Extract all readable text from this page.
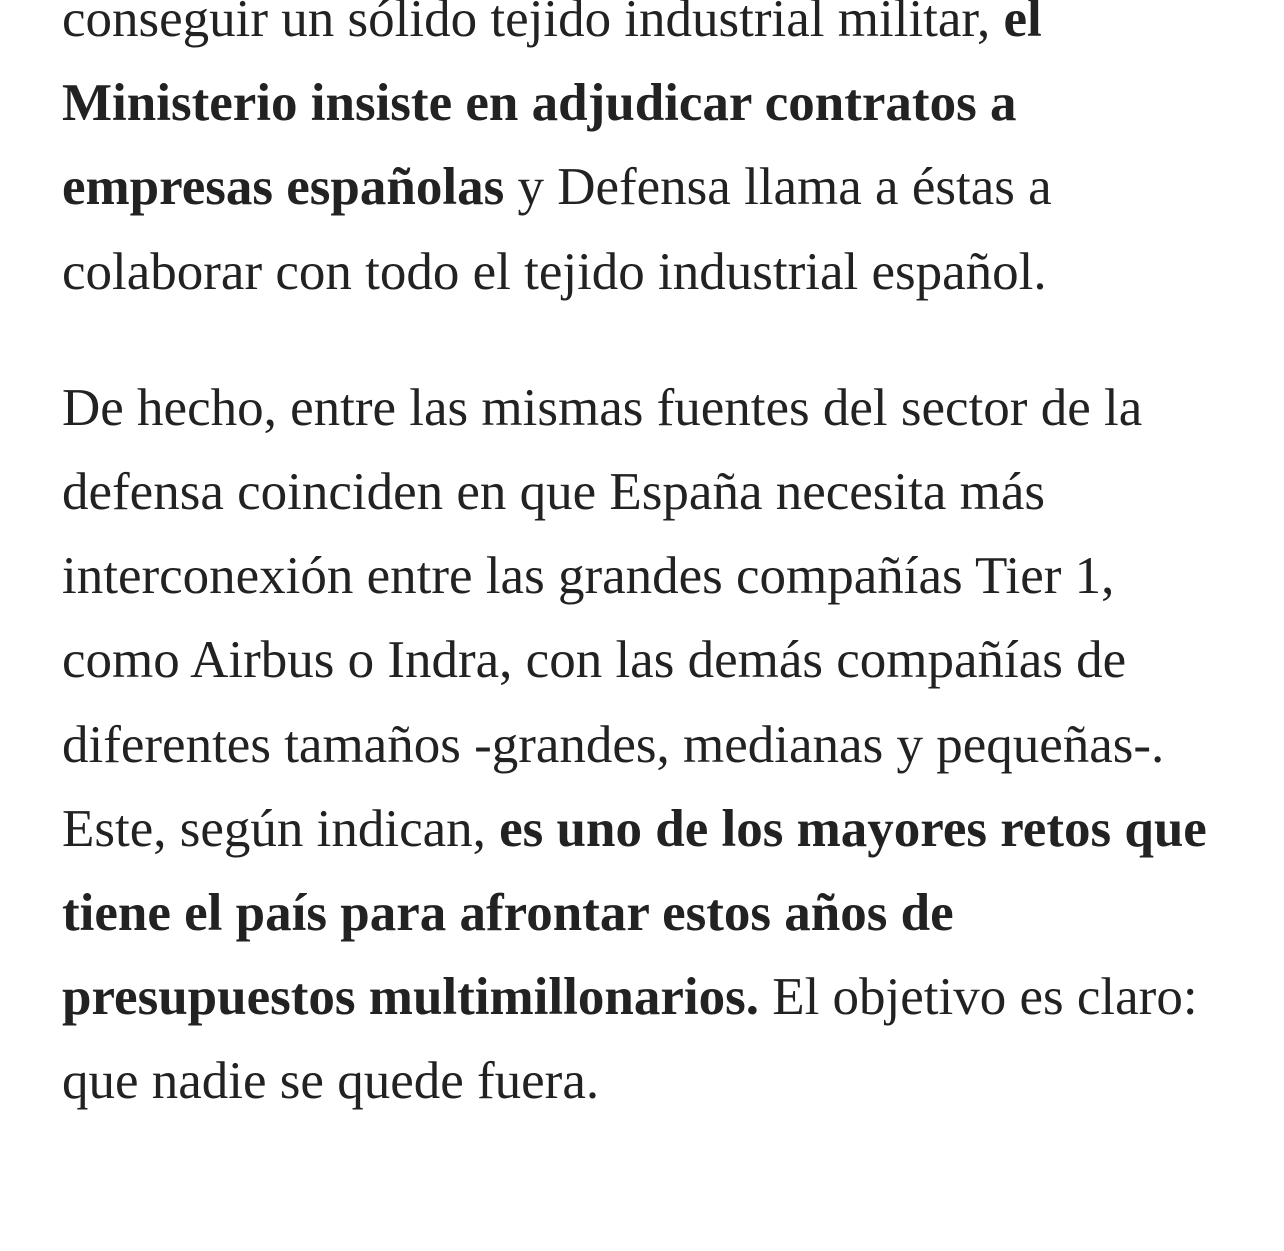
conseguir un sólido tejido industrial militar, el Ministerio insiste en adjudicar contratos a empresas españolas y Defensa llama a éstas a colaborar con todo el tejido industrial español.

De hecho, entre las mismas fuentes del sector de la defensa coinciden en que España necesita más interconexión entre las grandes compañías Tier 1, como Airbus o Indra, con las demás compañías de diferentes tamaños -grandes, medianas y pequeñas-. Este, según indican, es uno de los mayores retos que tiene el país para afrontar estos años de presupuestos multimillonarios. El objetivo es claro: que nadie se quede fuera.
